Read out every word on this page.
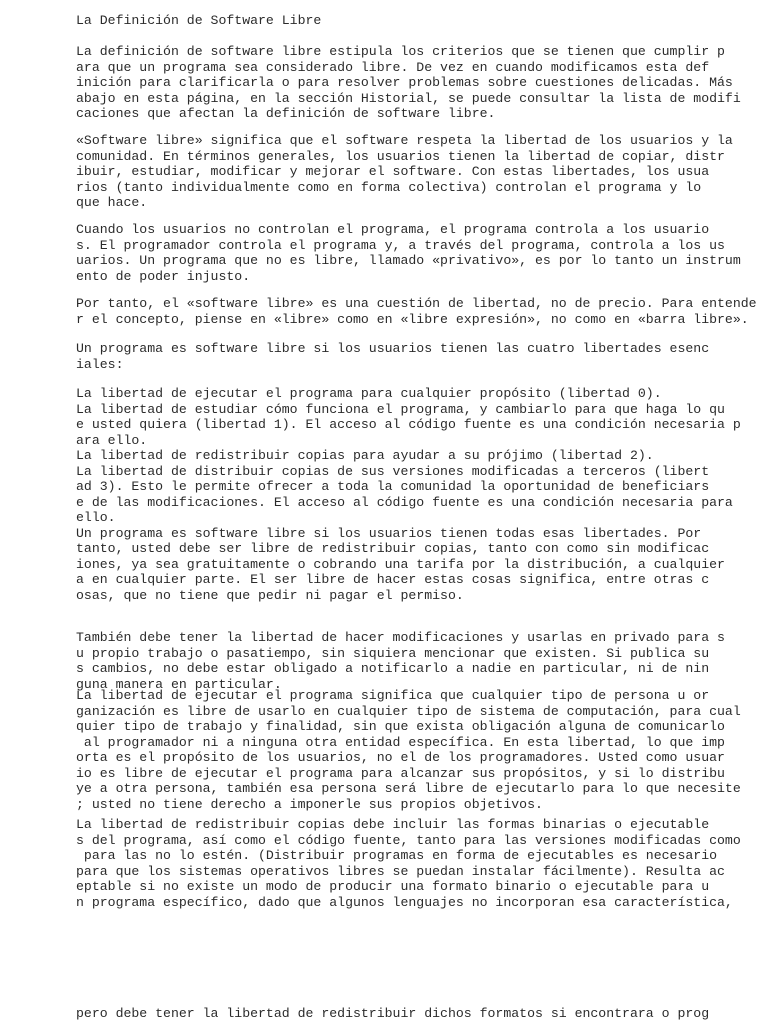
La Definición de Software Libre
La definición de software libre estipula los criterios que se tienen que cumplir p
ara que un programa sea considerado libre. De vez en cuando modificamos esta def
inición para clarificarla o para resolver problemas sobre cuestiones delicadas. Más
abajo en esta página, en la sección Historial, se puede consultar la lista de modifi
caciones que afectan la definición de software libre.
«Software libre» significa que el software respeta la libertad de los usuarios y la
comunidad. En términos generales, los usuarios tienen la libertad de copiar, distr
ibuir, estudiar, modificar y mejorar el software. Con estas libertades, los usua
rios (tanto individualmente como en forma colectiva) controlan el programa y lo
que hace.
Cuando los usuarios no controlan el programa, el programa controla a los usuario
s. El programador controla el programa y, a través del programa, controla a los us
uarios. Un programa que no es libre, llamado «privativo», es por lo tanto un instrum
ento de poder injusto.
Por tanto, el «software libre» es una cuestión de libertad, no de precio. Para entende
r el concepto, piense en «libre» como en «libre expresión», no como en «barra libre».
Un programa es software libre si los usuarios tienen las cuatro libertades esenc
iales:
La libertad de ejecutar el programa para cualquier propósito (libertad 0).
La libertad de estudiar cómo funciona el programa, y cambiarlo para que haga lo qu
e usted quiera (libertad 1). El acceso al código fuente es una condición necesaria p
ara ello.
La libertad de redistribuir copias para ayudar a su prójimo (libertad 2).
La libertad de distribuir copias de sus versiones modificadas a terceros (libert
ad 3). Esto le permite ofrecer a toda la comunidad la oportunidad de beneficiars
e de las modificaciones. El acceso al código fuente es una condición necesaria para
ello.
Un programa es software libre si los usuarios tienen todas esas libertades. Por
tanto, usted debe ser libre de redistribuir copias, tanto con como sin modificac
iones, ya sea gratuitamente o cobrando una tarifa por la distribución, a cualquier
a en cualquier parte. El ser libre de hacer estas cosas significa, entre otras c
osas, que no tiene que pedir ni pagar el permiso.
También debe tener la libertad de hacer modificaciones y usarlas en privado para s
u propio trabajo o pasatiempo, sin siquiera mencionar que existen. Si publica su
s cambios, no debe estar obligado a notificarlo a nadie en particular, ni de nin
guna manera en particular.
La libertad de ejecutar el programa significa que cualquier tipo de persona u or
ganización es libre de usarlo en cualquier tipo de sistema de computación, para cual
quier tipo de trabajo y finalidad, sin que exista obligación alguna de comunicarlo
al programador ni a ninguna otra entidad específica. En esta libertad, lo que imp
orta es el propósito de los usuarios, no el de los programadores. Usted como usuar
io es libre de ejecutar el programa para alcanzar sus propósitos, y si lo distribu
ye a otra persona, también esa persona será libre de ejecutarlo para lo que necesite
; usted no tiene derecho a imponerle sus propios objetivos.
La libertad de redistribuir copias debe incluir las formas binarias o ejecutable
s del programa, así como el código fuente, tanto para las versiones modificadas como
para las no lo estén. (Distribuir programas en forma de ejecutables es necesario
para que los sistemas operativos libres se puedan instalar fácilmente). Resulta ac
eptable si no existe un modo de producir una formato binario o ejecutable para u
n programa específico, dado que algunos lenguajes no incorporan esa característica,
pero debe tener la libertad de redistribuir dichos formatos si encontrara o prog
